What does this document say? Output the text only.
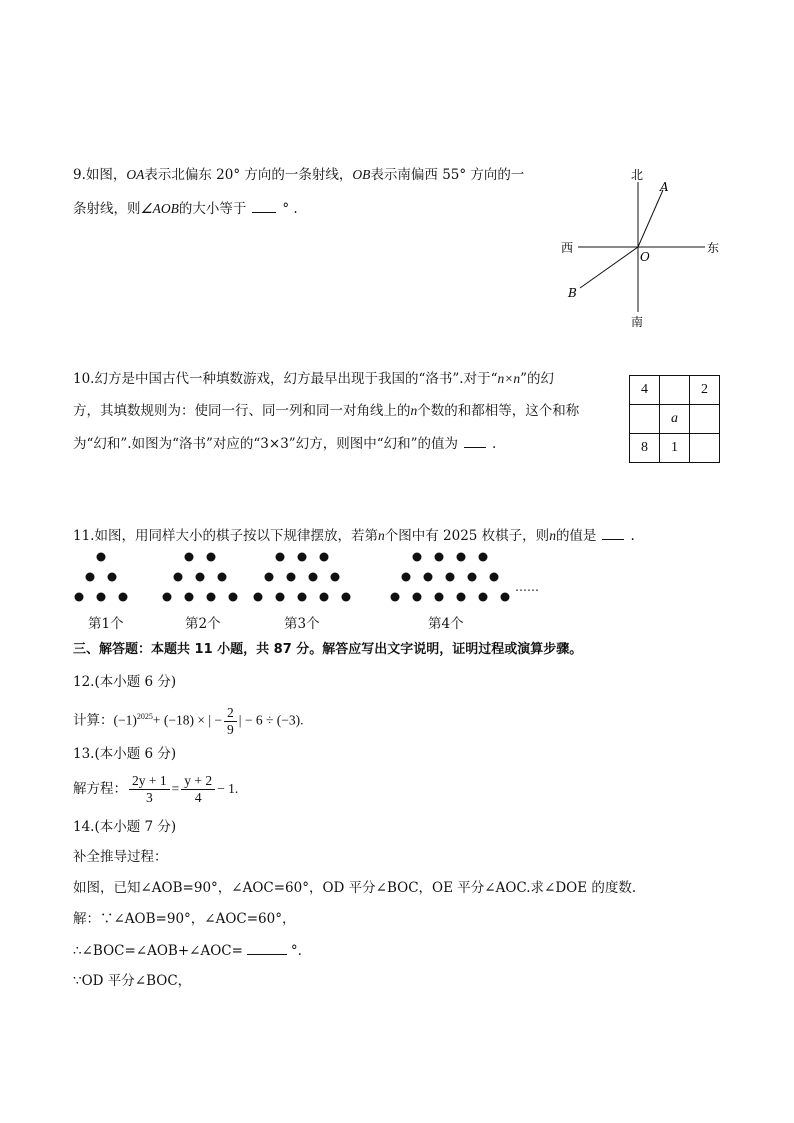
9.如图，OA表示北偏东 20° 方向的一条射线，OB表示南偏西 55° 方向的一
条射线，则∠AOB的大小等于	° .
北
南
东
西
A
B
O
10.幻方是中国古代一种填数游戏，幻方最早出现于我国的“洛书”.对于“n×n”的幻
方，其填数规则为：使同一行、同一列和同一对角线上的n个数的和都相等，这个和称
为“幻和”.如图为“洛书”对应的“3×3”幻方，则图中“幻和”的值为	.
4		2
	a	
8	1	
11.如图，用同样大小的棋子按以下规律摆放，若第n个图中有 2025 枚棋子，则n的值是	.
……
第1个	第2个	第3个	第4个
三、解答题：本题共 11 小题，共 87 分。解答应写出文字说明，证明过程或演算步骤。
12.(本小题 6 分)
计算：$(-1)^{2025}+ (-18)$ × | − $\frac{2}{9}$ | − 6 ÷ (−3).
13.(本小题 6 分)
解方程： $\frac{2y + 1}{3} = \frac{y + 2}{4} - 1$.
14.(本小题 7 分)
补全推导过程：
如图，已知∠AOB=90°，∠AOC=60°，OD 平分∠BOC，OE 平分∠AOC.求∠DOE 的度数.
解：∵∠AOB=90°，∠AOC=60°，
∴∠BOC=∠AOB+∠AOC=	°.
∵OD 平分∠BOC，
